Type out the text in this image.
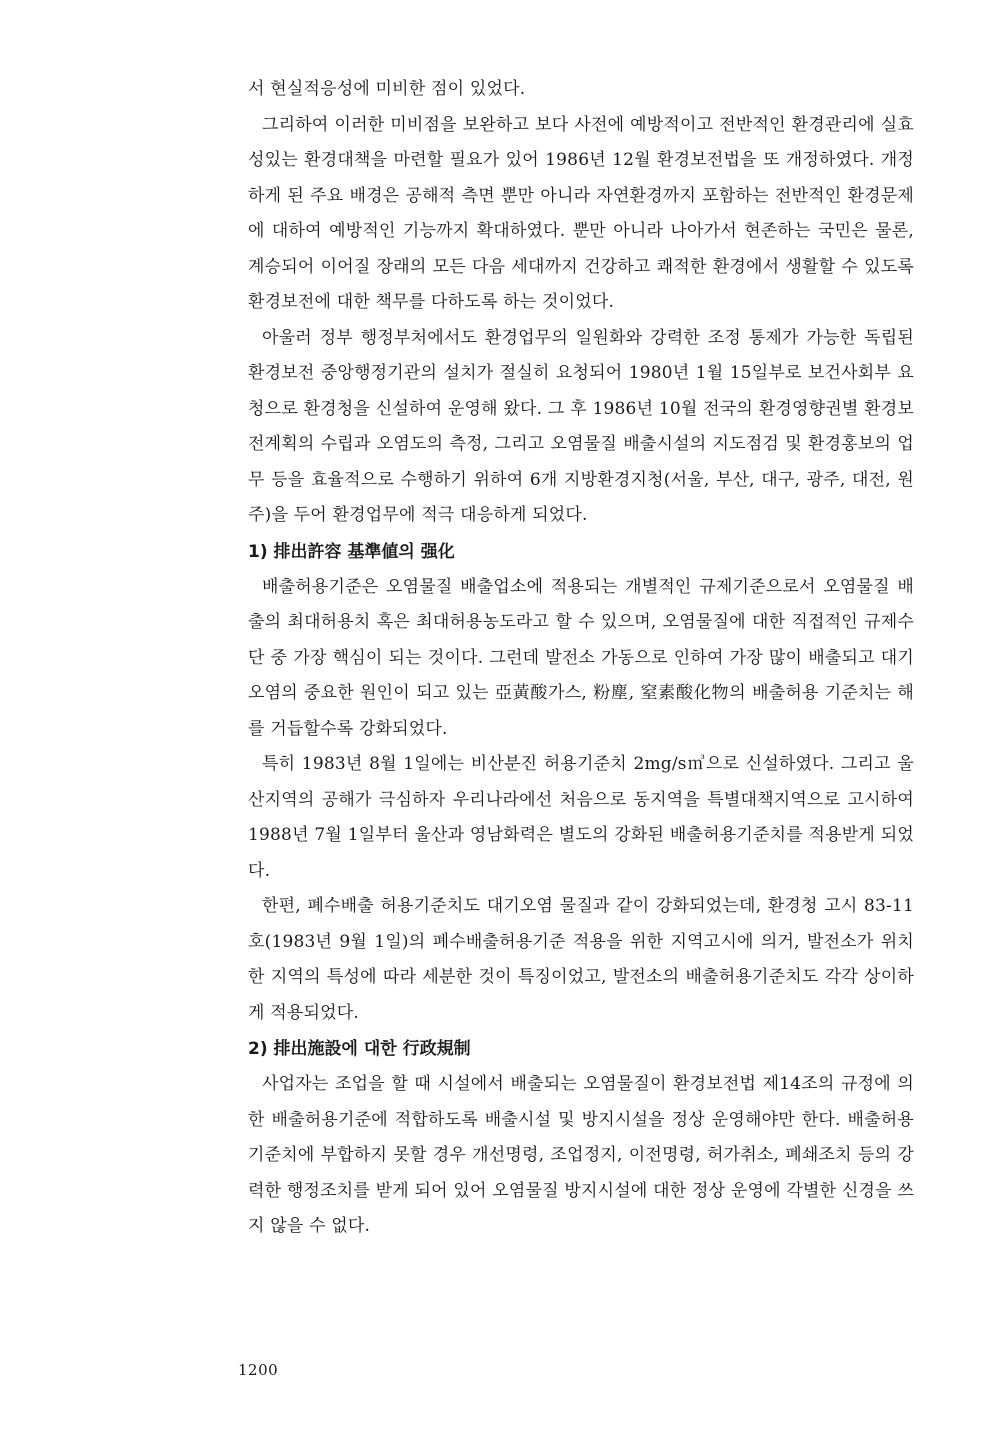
서 현실적응성에 미비한 점이 있었다.

그리하여 이러한 미비점을 보완하고 보다 사전에 예방적이고 전반적인 환경관리에 실효성있는 환경대책을 마련할 필요가 있어 1986년 12월 환경보전법을 또 개정하였다. 개정하게 된 주요 배경은 공해적 측면 뿐만 아니라 자연환경까지 포함하는 전반적인 환경문제에 대하여 예방적인 기능까지 확대하였다. 뿐만 아니라 나아가서 현존하는 국민은 물론, 계승되어 이어질 장래의 모든 다음 세대까지 건강하고 쾌적한 환경에서 생활할 수 있도록 환경보전에 대한 책무를 다하도록 하는 것이었다.

아울러 정부 행정부처에서도 환경업무의 일원화와 강력한 조정 통제가 가능한 독립된 환경보전 중앙행정기관의 설치가 절실히 요청되어 1980년 1월 15일부로 보건사회부 요청으로 환경청을 신설하여 운영해 왔다. 그 후 1986년 10월 전국의 환경영향권별 환경보전계획의 수립과 오염도의 측정, 그리고 오염물질 배출시설의 지도점검 및 환경홍보의 업무 등을 효율적으로 수행하기 위하여 6개 지방환경지청(서울, 부산, 대구, 광주, 대전, 원주)을 두어 환경업무에 적극 대응하게 되었다.

1) 排出許容 基準値의 强化

배출허용기준은 오염물질 배출업소에 적용되는 개별적인 규제기준으로서 오염물질 배출의 최대허용치 혹은 최대허용농도라고 할 수 있으며, 오염물질에 대한 직접적인 규제수단 중 가장 핵심이 되는 것이다. 그런데 발전소 가동으로 인하여 가장 많이 배출되고 대기오염의 중요한 원인이 되고 있는 亞黃酸가스, 粉塵, 窒素酸化物의 배출허용 기준치는 해를 거듭할수록 강화되었다.

특히 1983년 8월 1일에는 비산분진 허용기준치 2mg/s㎥으로 신설하였다. 그리고 울산지역의 공해가 극심하자 우리나라에선 처음으로 동지역을 특별대책지역으로 고시하여 1988년 7월 1일부터 울산과 영남화력은 별도의 강화된 배출허용기준치를 적용받게 되었다.

한편, 폐수배출 허용기준치도 대기오염 물질과 같이 강화되었는데, 환경청 고시 83-11호(1983년 9월 1일)의 폐수배출허용기준 적용을 위한 지역고시에 의거, 발전소가 위치한 지역의 특성에 따라 세분한 것이 특징이었고, 발전소의 배출허용기준치도 각각 상이하게 적용되었다.

2) 排出施設에 대한 行政規制

사업자는 조업을 할 때 시설에서 배출되는 오염물질이 환경보전법 제14조의 규정에 의한 배출허용기준에 적합하도록 배출시설 및 방지시설을 정상 운영해야만 한다. 배출허용기준치에 부합하지 못할 경우 개선명령, 조업정지, 이전명령, 허가취소, 폐쇄조치 등의 강력한 행정조치를 받게 되어 있어 오염물질 방지시설에 대한 정상 운영에 각별한 신경을 쓰지 않을 수 없다.

1200
